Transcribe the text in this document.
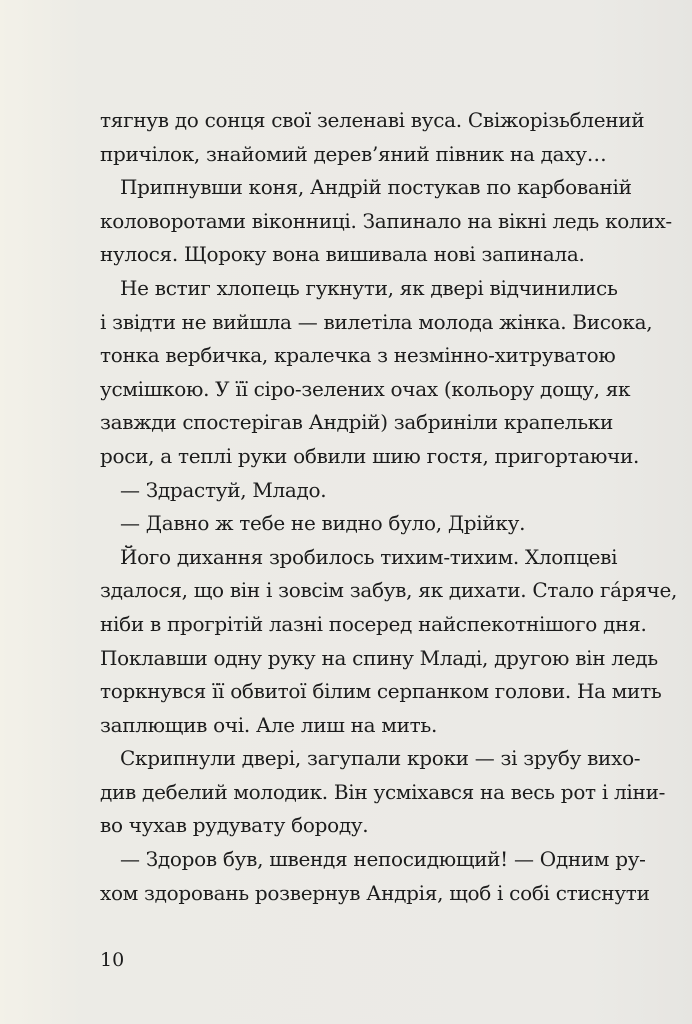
тягнув до сонця свої зеленаві вуса. Свіжорізьблений
причілок, знайомий дерев’яний півник на даху…
Припнувши коня, Андрій постукав по карбованій
коловоротами віконниці. Запинало на вікні ледь колих-
нулося. Щороку вона вишивала нові запинала.
Не встиг хлопець гукнути, як двері відчинились
і звідти не вийшла — вилетіла молода жінка. Висока,
тонка вербичка, кралечка з незмінно-хитруватою
усмішкою. У її сіро-зелених очах (кольору дощу, як
завжди спостерігав Андрій) забриніли крапельки
роси, а теплі руки обвили шию гостя, пригортаючи.
— Здрастуй, Младо.
— Давно ж тебе не видно було, Дрійку.
Його дихання зробилось тихим-тихим. Хлопцеві
здалося, що він і зовсім забув, як дихати. Стало гáряче,
ніби в прогрітій лазні посеред найспекотнішого дня.
Поклавши одну руку на спину Младі, другою він ледь
торкнувся її обвитої білим серпанком голови. На мить
заплющив очі. Але лиш на мить.
Скрипнули двері, загупали кроки — зі зрубу вихо-
див дебелий молодик. Він усміхався на весь рот і ліни-
во чухав рудувату бороду.
— Здоров був, швендя непосидющий! — Одним ру-
хом здоровань розвернув Андрія, щоб і собі стиснути
10
